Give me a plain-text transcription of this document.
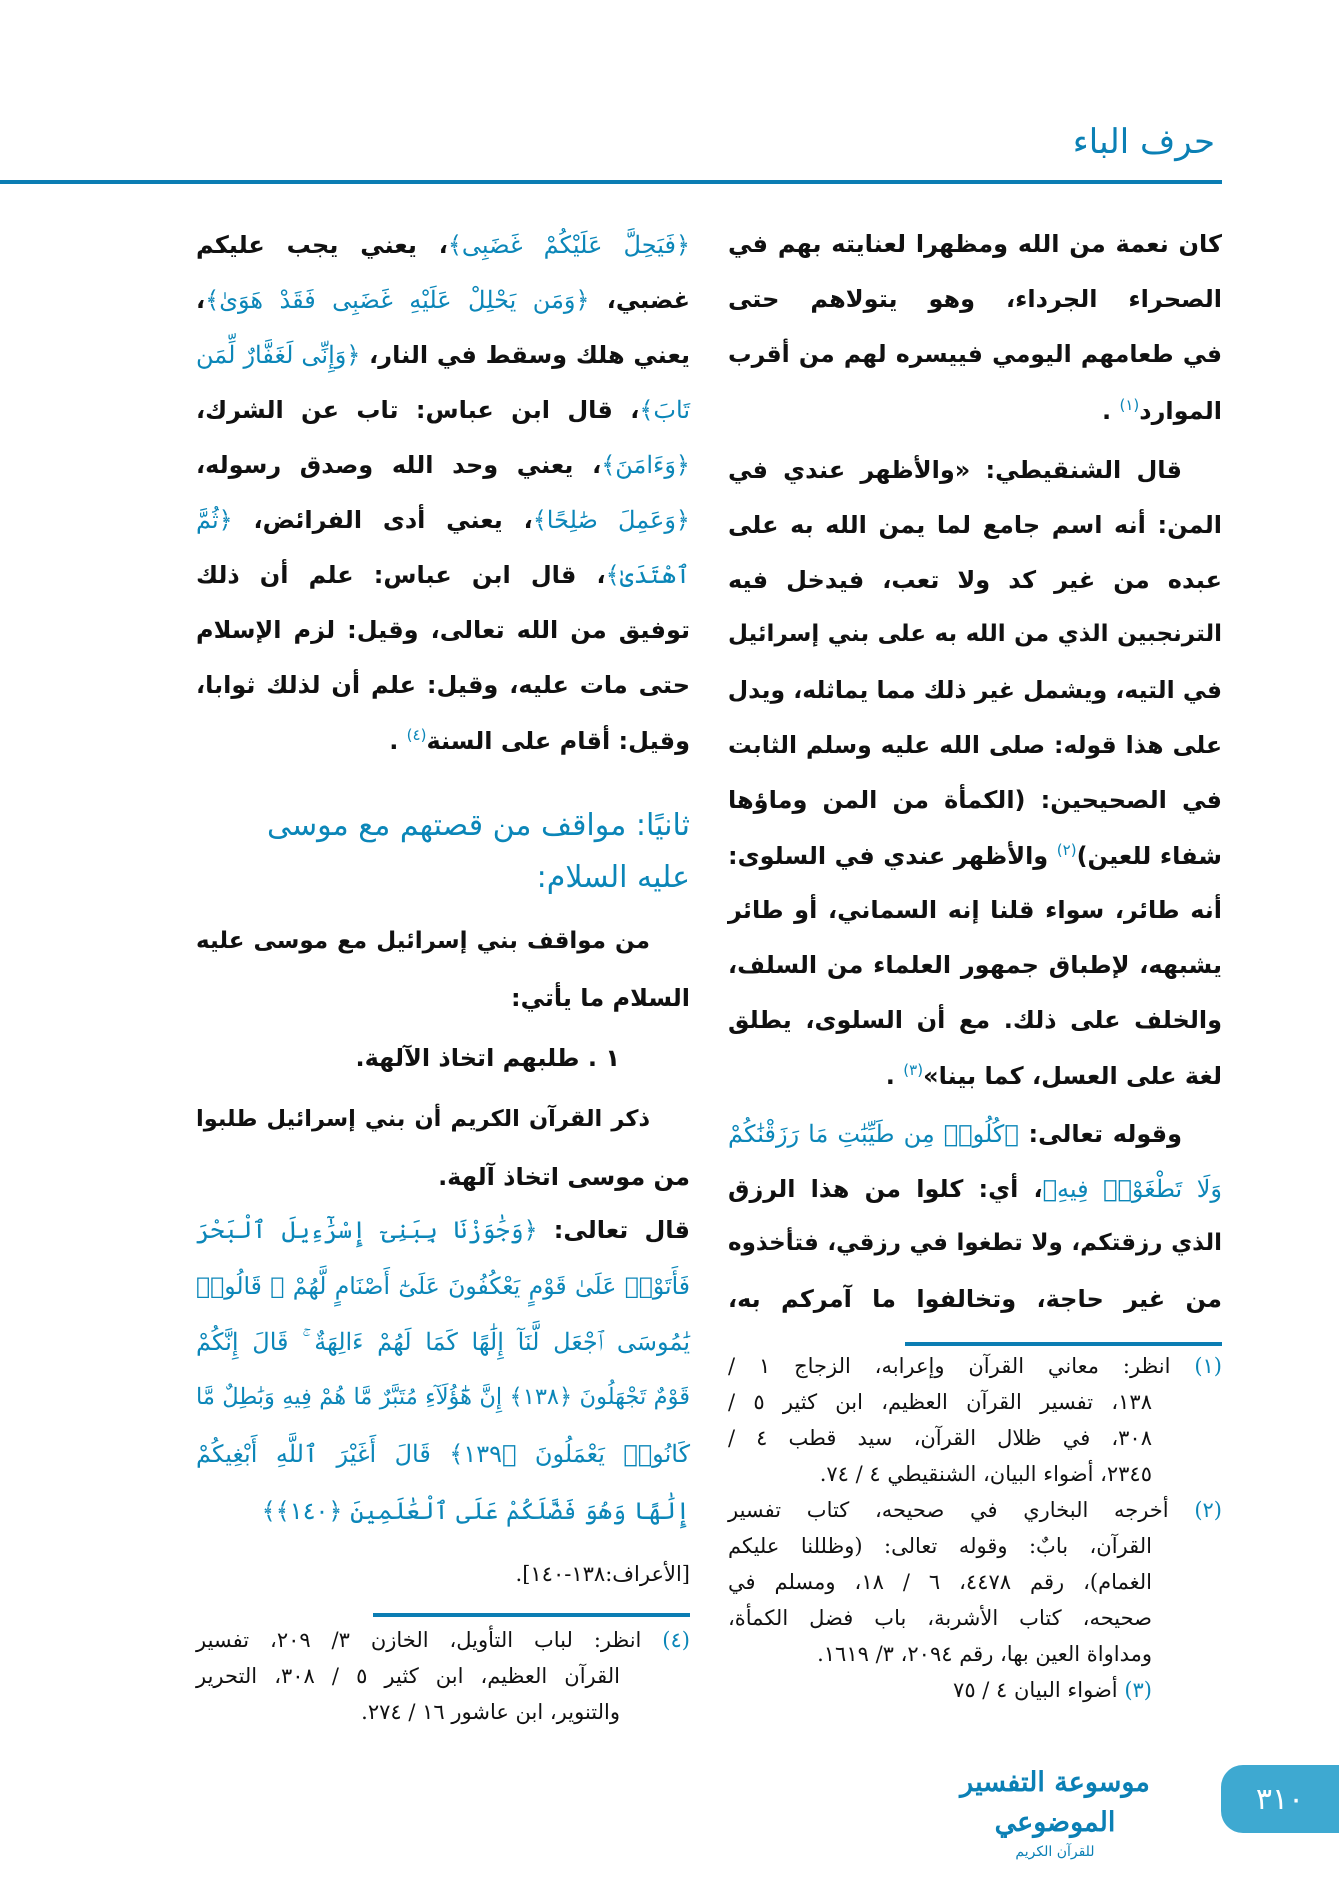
حرف الباء
كان نعمة من الله ومظهرا لعنايته بهم في
الصحراء الجرداء، وهو يتولاهم حتى
في طعامهم اليومي فييسره لهم من أقرب
الموارد$^{(١)}$ .
قال الشنقيطي: «والأظهر عندي في
المن: أنه اسم جامع لما يمن الله به على
عبده من غير كد ولا تعب، فيدخل فيه
الترنجبين الذي من الله به على بني إسرائيل
في التيه، ويشمل غير ذلك مما يماثله، ويدل
على هذا قوله: صلى الله عليه وسلم الثابت
في الصحيحين: (الكمأة من المن وماؤها
شفاء للعين)$^{(٢)}$ والأظهر عندي في السلوى:
أنه طائر، سواء قلنا إنه السماني، أو طائر
يشبهه، لإطباق جمهور العلماء من السلف،
والخلف على ذلك. مع أن السلوى، يطلق
لغة على العسل، كما بينا»$^{(٣)}$ .
وقوله تعالى: ﴿كُلُوا۟ مِن طَيِّبَٰتِ مَا رَزَقْنَٰكُمْ
وَلَا تَطْغَوْا۟ فِيهِ﴾، أي: كلوا من هذا الرزق
الذي رزقتكم، ولا تطغوا في رزقي، فتأخذوه
من غير حاجة، وتخالفوا ما آمركم به،
(١) انظر: معاني القرآن وإعرابه، الزجاج ١ /
١٣٨، تفسير القرآن العظيم، ابن كثير ٥ /
٣٠٨، في ظلال القرآن، سيد قطب ٤ /
٢٣٤٥، أضواء البيان، الشنقيطي ٤ / ٧٤.
(٢) أخرجه البخاري في صحيحه، كتاب تفسير
القرآن، بابٌ: وقوله تعالى: (وظللنا عليكم
الغمام)، رقم ٤٤٧٨، ٦ / ١٨، ومسلم في
صحيحه، كتاب الأشربة، باب فضل الكمأة،
ومداواة العين بها، رقم ٢٠٩٤، ٣/ ١٦١٩.
(٣) أضواء البيان ٤ / ٧٥
﴿فَيَحِلَّ عَلَيْكُمْ غَضَبِى﴾، يعني يجب عليكم
غضبي، ﴿وَمَن يَحْلِلْ عَلَيْهِ غَضَبِى فَقَدْ هَوَىٰ﴾،
يعني هلك وسقط في النار، ﴿وَإِنِّى لَغَفَّارٌ لِّمَن
تَابَ﴾، قال ابن عباس: تاب عن الشرك،
﴿وَءَامَنَ﴾، يعني وحد الله وصدق رسوله،
﴿وَعَمِلَ صَٰلِحًا﴾، يعني أدى الفرائض، ﴿ثُمَّ
ٱهْتَدَىٰ﴾، قال ابن عباس: علم أن ذلك
توفيق من الله تعالى، وقيل: لزم الإسلام
حتى مات عليه، وقيل: علم أن لذلك ثوابا،
وقيل: أقام على السنة$^{(٤)}$ .
ثانيًا: مواقف من قصتهم مع موسى
عليه السلام:
من مواقف بني إسرائيل مع موسى عليه
السلام ما يأتي:
١ . طلبهم اتخاذ الآلهة.
ذكر القرآن الكريم أن بني إسرائيل طلبوا
من موسى اتخاذ آلهة.
قال تعالى: ﴿وَجَٰوَزْنَا بِبَنِىٓ إِسْرَٰٓءِيلَ ٱلْبَحْرَ
فَأَتَوْا۟ عَلَىٰ قَوْمٍ يَعْكُفُونَ عَلَىٰٓ أَصْنَامٍ لَّهُمْ ۚ قَالُوا۟
يَٰمُوسَى ٱجْعَل لَّنَآ إِلَٰهًا كَمَا لَهُمْ ءَالِهَةٌ ۚ قَالَ إِنَّكُمْ
قَوْمٌ تَجْهَلُونَ ﴿١٣٨﴾ إِنَّ هَٰٓؤُلَآءِ مُتَبَّرٌ مَّا هُمْ فِيهِ وَبَٰطِلٌ مَّا
كَانُوا۟ يَعْمَلُونَ ﴿١٣٩﴾ قَالَ أَغَيْرَ ٱللَّهِ أَبْغِيكُمْ
إِلَٰهًا وَهُوَ فَضَّلَكُمْ عَلَى ٱلْعَٰلَمِينَ ﴿١٤٠﴾﴾
[الأعراف:١٣٨-١٤٠].
(٤) انظر: لباب التأويل، الخازن ٣/ ٢٠٩، تفسير
القرآن العظيم، ابن كثير ٥ / ٣٠٨، التحرير
والتنوير، ابن عاشور ١٦ / ٢٧٤.
موسوعة التفسير الموضوعي
للقرآن الكريم
٣١٠
